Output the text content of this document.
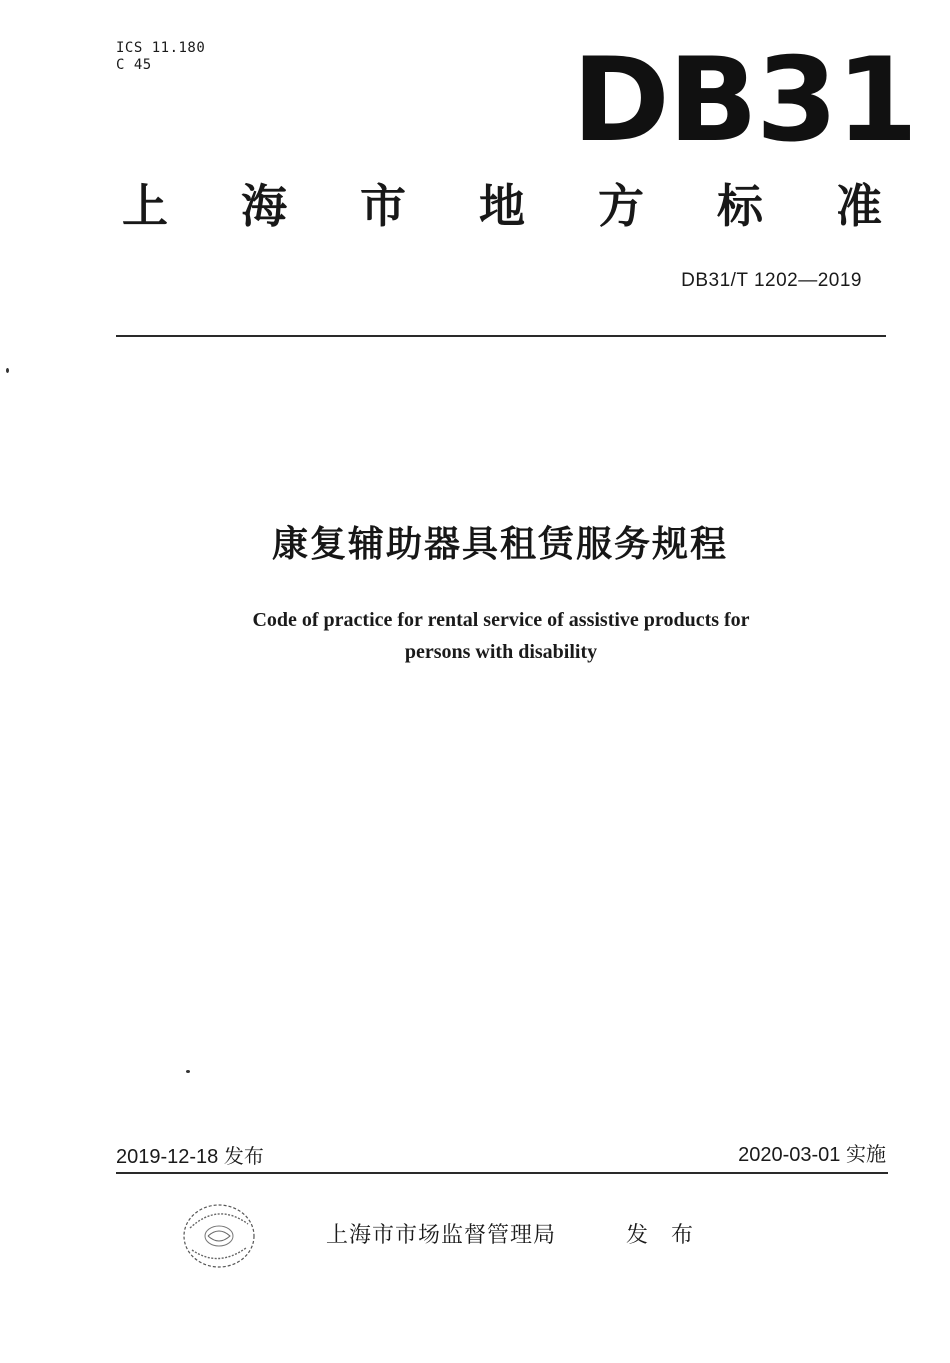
ICS 11.180
C 45	DB31
上 海 市 地 方 标 准
DB31/T 1202—2019
康复辅助器具租赁服务规程
Code of practice for rental service of assistive products for
persons with disability
2019-12-18 发布	2020-03-01 实施
上海市市场监督管理局	发 布
